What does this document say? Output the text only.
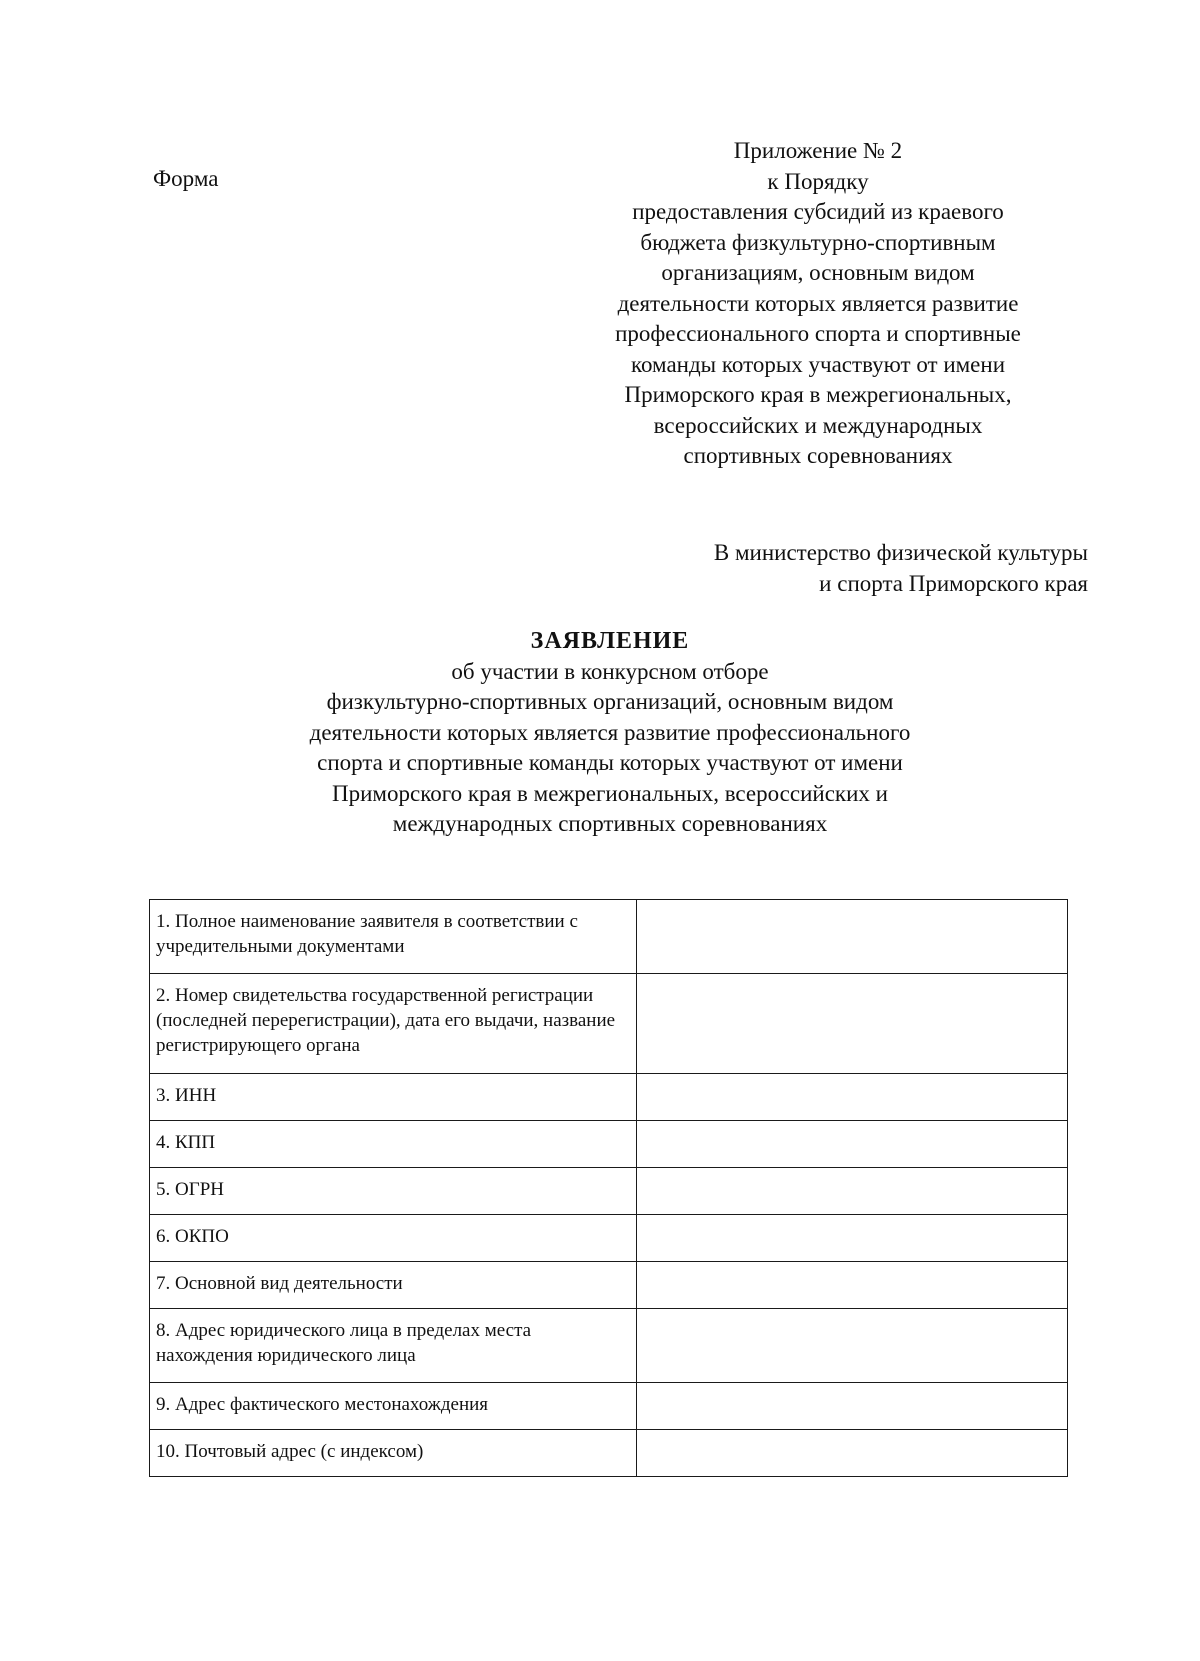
Форма
Приложение № 2
к Порядку
предоставления субсидий из краевого
бюджета физкультурно-спортивным
организациям, основным видом
деятельности которых является развитие
профессионального спорта и спортивные
команды которых участвуют от имени
Приморского края в межрегиональных,
всероссийских и международных
спортивных соревнованиях
В министерство физической культуры
и спорта Приморского края
ЗАЯВЛЕНИЕ
об участии в конкурсном отборе
физкультурно-спортивных организаций, основным видом
деятельности которых является развитие профессионального
спорта и спортивные команды которых участвуют от имени
Приморского края в межрегиональных, всероссийских и
международных спортивных соревнованиях
1. Полное наименование заявителя в соответствии с учредительными документами	
2. Номер свидетельства государственной регистрации (последней перерегистрации), дата его выдачи, название регистрирующего органа	
3. ИНН	
4. КПП	
5. ОГРН	
6. ОКПО	
7. Основной вид деятельности	
8. Адрес юридического лица в пределах места нахождения юридического лица	
9. Адрес фактического местонахождения	
10. Почтовый адрес (с индексом)	
